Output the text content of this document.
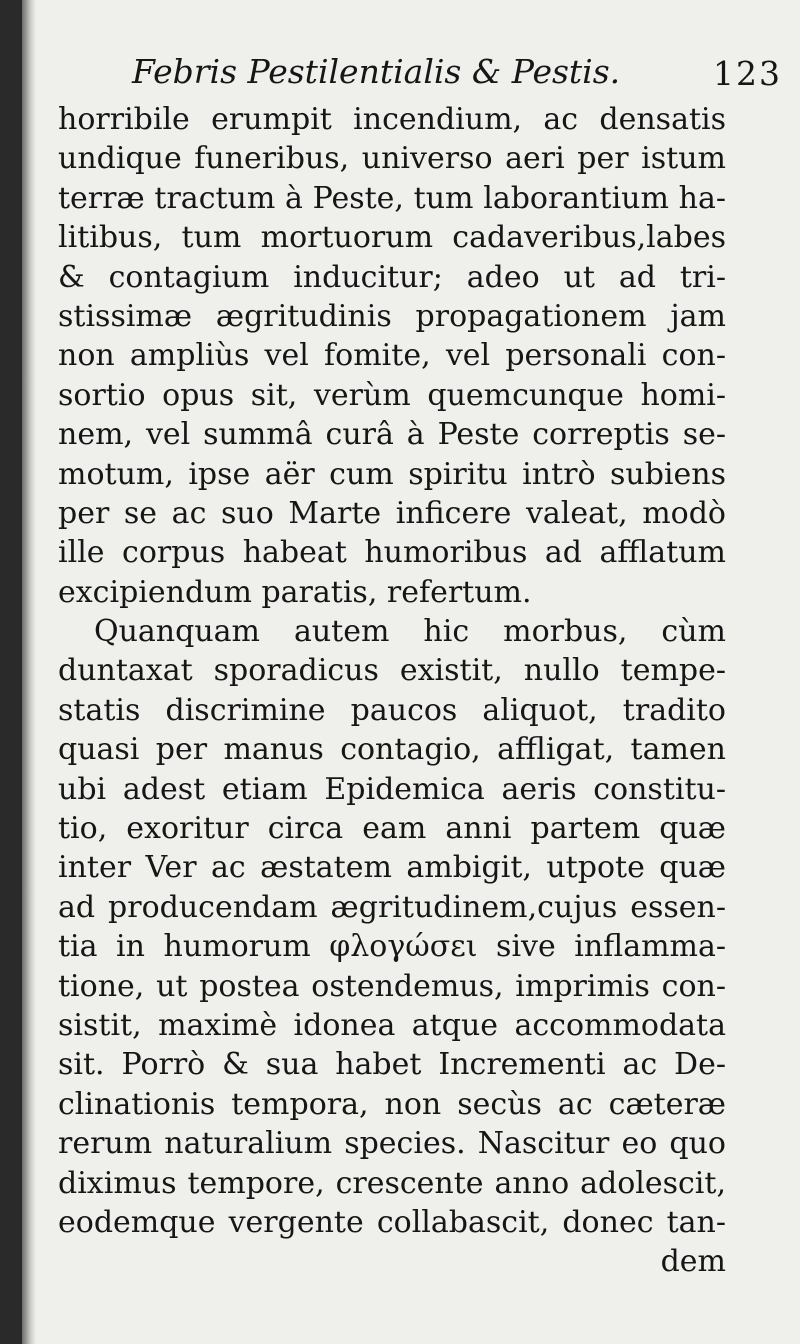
Febris Pestilentialis & Pestis.	123
horribile erumpit incendium, ac densatis
undique funeribus, universo aeri per istum
terræ tractum à Peste, tum laborantium ha-
litibus, tum mortuorum cadaveribus,labes
& contagium inducitur; adeo ut ad tri-
stissimæ ægritudinis propagationem jam
non ampliùs vel fomite, vel personali con-
sortio opus sit, verùm quemcunque homi-
nem, vel summâ curâ à Peste correptis se-
motum, ipse aër cum spiritu intrò subiens
per se ac suo Marte inficere valeat, modò
ille corpus habeat humoribus ad afflatum
excipiendum paratis, refertum.
Quanquam autem hic morbus, cùm
duntaxat sporadicus existit, nullo tempe-
statis discrimine paucos aliquot, tradito
quasi per manus contagio, affligat, tamen
ubi adest etiam Epidemica aeris constitu-
tio, exoritur circa eam anni partem quæ
inter Ver ac æstatem ambigit, utpote quæ
ad producendam ægritudinem,cujus essen-
tia in humorum φλογώσει sive inflamma-
tione, ut postea ostendemus, imprimis con-
sistit, maximè idonea atque accommodata
sit. Porrò & sua habet Incrementi ac De-
clinationis tempora, non secùs ac cæteræ
rerum naturalium species. Nascitur eo quo
diximus tempore, crescente anno adolescit,
eodemque vergente collabascit, donec tan-
dem
